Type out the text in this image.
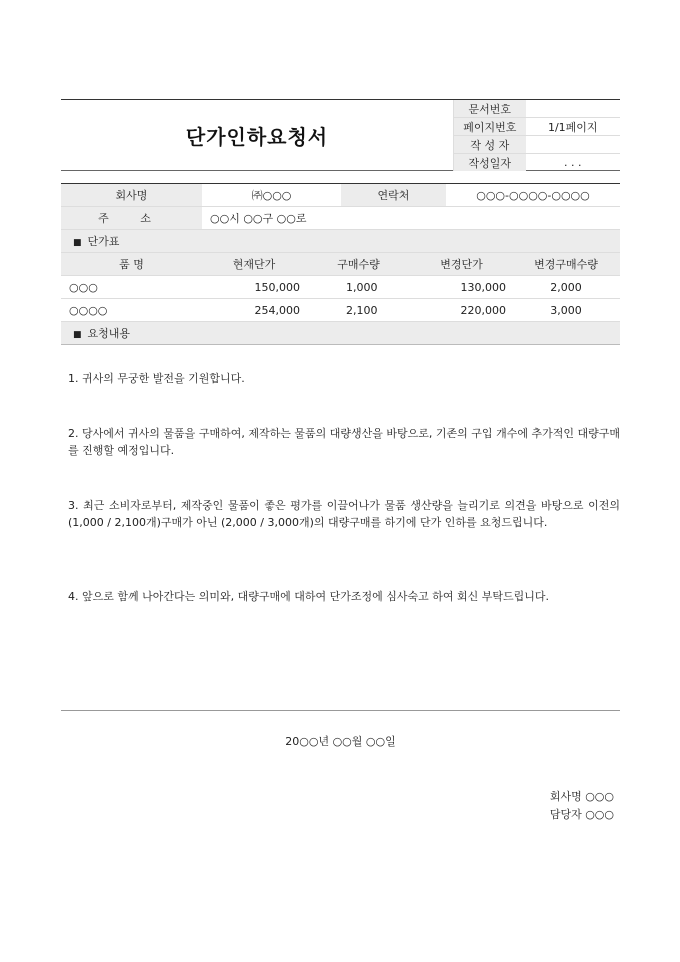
단가인하요청서
문서번호	
페이지번호	1/1페이지
작 성 자	
작성일자	. . .
회사명	㈜○○○		연락처		○○○-○○○○-○○○○	
주 소	○○시 ○○구 ○○로					
■ 단가표						
품 명	현재단가	구매수량		변경단가		변경구매수량
○○○	150,000	1,000		130,000		2,000
○○○○	254,000	2,100		220,000		3,000
■ 요청내용						
1. 귀사의 무궁한 발전을 기원합니다.
2. 당사에서 귀사의 물품을 구매하여, 제작하는 물품의 대량생산을 바탕으로, 기존의 구입 개수에 추가적인 대량구매를 진행할 예정입니다.
3. 최근 소비자로부터, 제작중인 물품이 좋은 평가를 이끌어나가 물품 생산량을 늘리기로 의견을 바탕으로 이전의(1,000 / 2,100개)구매가 아닌 (2,000 / 3,000개)의 대량구매를 하기에 단가 인하를 요청드립니다.
4. 앞으로 함께 나아간다는 의미와, 대량구매에 대하여 단가조정에 심사숙고 하여 회신 부탁드립니다.
20○○년 ○○월 ○○일
회사명 ○○○
담당자 ○○○
